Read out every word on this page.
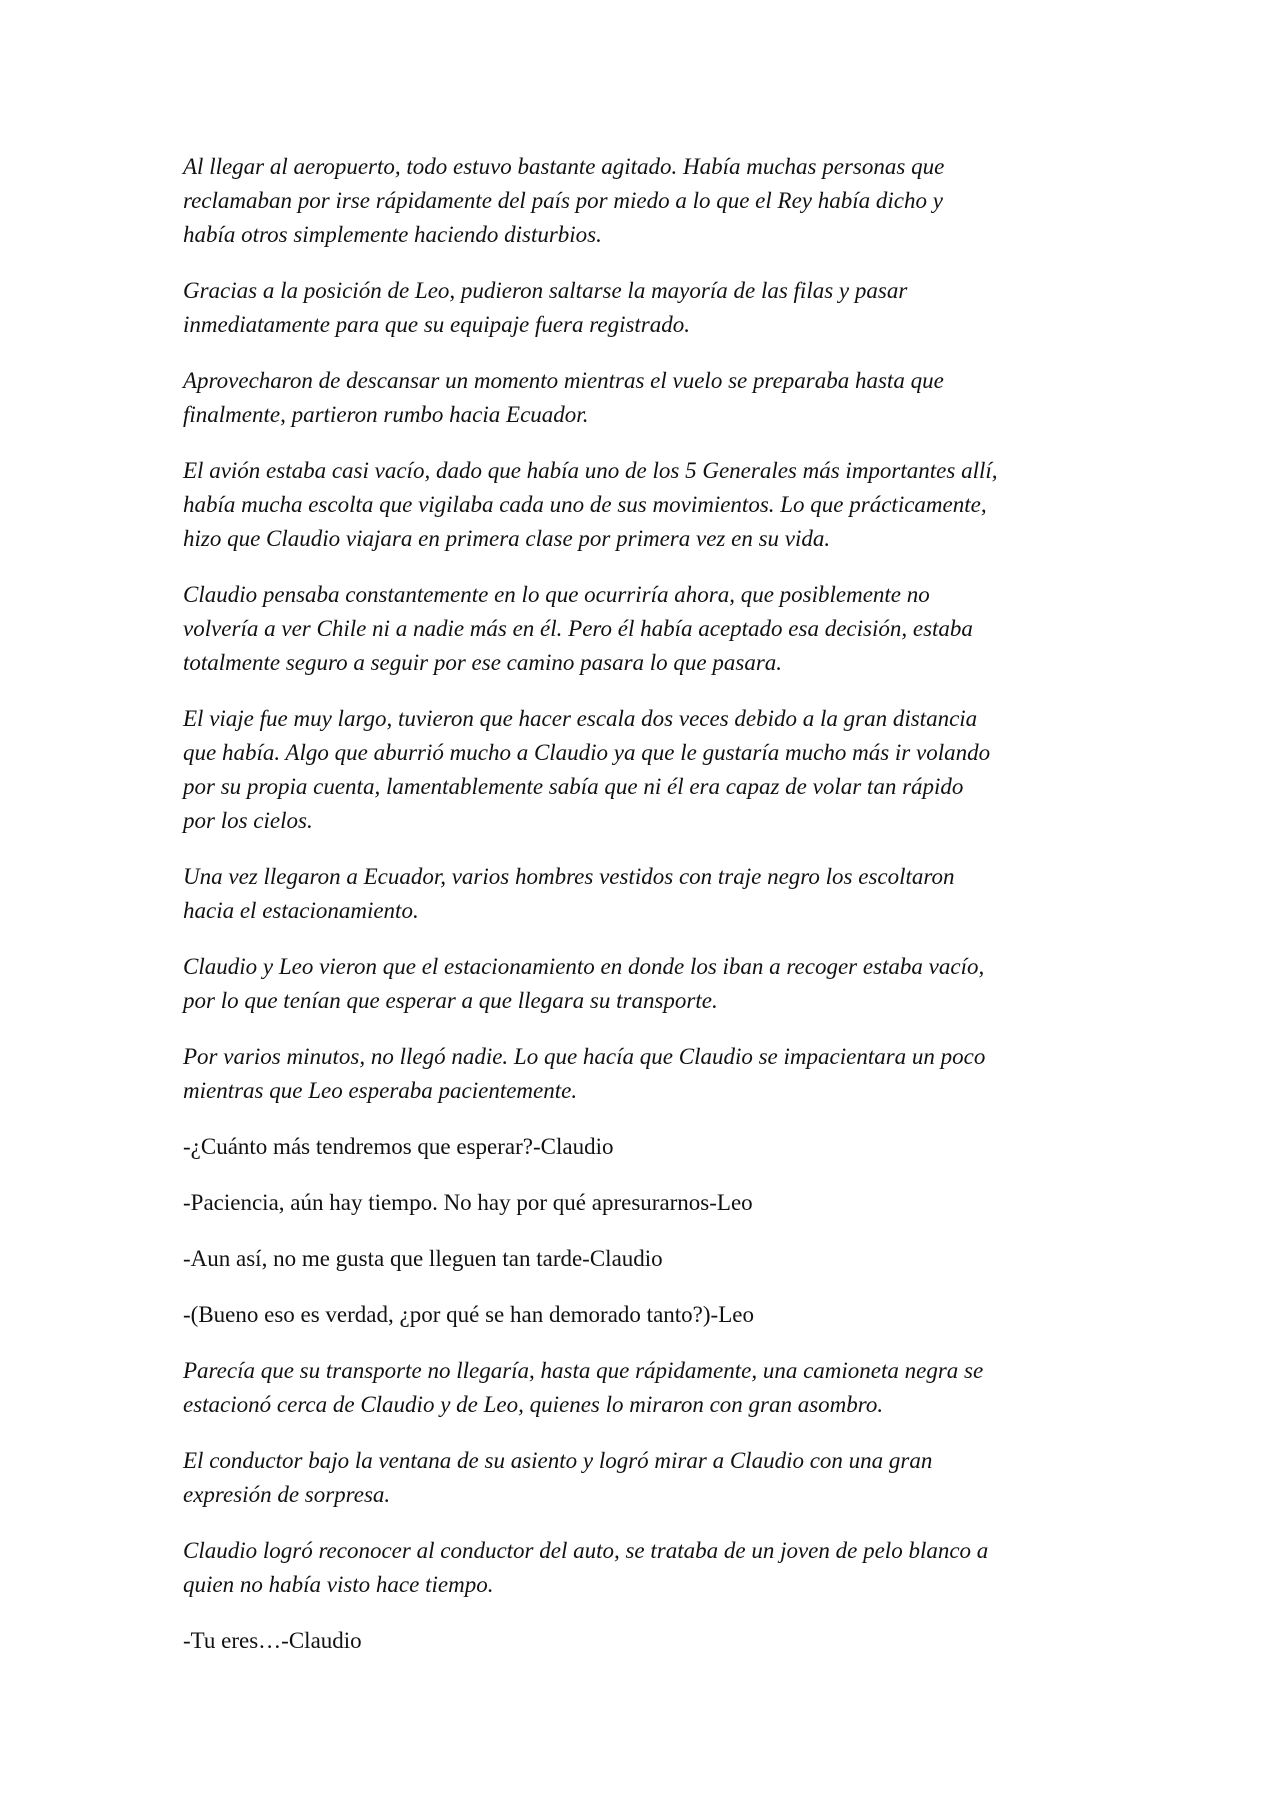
Al llegar al aeropuerto, todo estuvo bastante agitado. Había muchas personas que
reclamaban por irse rápidamente del país por miedo a lo que el Rey había dicho y
había otros simplemente haciendo disturbios.

Gracias a la posición de Leo, pudieron saltarse la mayoría de las filas y pasar
inmediatamente para que su equipaje fuera registrado.

Aprovecharon de descansar un momento mientras el vuelo se preparaba hasta que
finalmente, partieron rumbo hacia Ecuador.

El avión estaba casi vacío, dado que había uno de los 5 Generales más importantes allí,
había mucha escolta que vigilaba cada uno de sus movimientos. Lo que prácticamente,
hizo que Claudio viajara en primera clase por primera vez en su vida.

Claudio pensaba constantemente en lo que ocurriría ahora, que posiblemente no
volvería a ver Chile ni a nadie más en él. Pero él había aceptado esa decisión, estaba
totalmente seguro a seguir por ese camino pasara lo que pasara.

El viaje fue muy largo, tuvieron que hacer escala dos veces debido a la gran distancia
que había. Algo que aburrió mucho a Claudio ya que le gustaría mucho más ir volando
por su propia cuenta, lamentablemente sabía que ni él era capaz de volar tan rápido
por los cielos.

Una vez llegaron a Ecuador, varios hombres vestidos con traje negro los escoltaron
hacia el estacionamiento.

Claudio y Leo vieron que el estacionamiento en donde los iban a recoger estaba vacío,
por lo que tenían que esperar a que llegara su transporte.

Por varios minutos, no llegó nadie. Lo que hacía que Claudio se impacientara un poco
mientras que Leo esperaba pacientemente.

-¿Cuánto más tendremos que esperar?-Claudio

-Paciencia, aún hay tiempo. No hay por qué apresurarnos-Leo

-Aun así, no me gusta que lleguen tan tarde-Claudio

-(Bueno eso es verdad, ¿por qué se han demorado tanto?)-Leo

Parecía que su transporte no llegaría, hasta que rápidamente, una camioneta negra se
estacionó cerca de Claudio y de Leo, quienes lo miraron con gran asombro.

El conductor bajo la ventana de su asiento y logró mirar a Claudio con una gran
expresión de sorpresa.

Claudio logró reconocer al conductor del auto, se trataba de un joven de pelo blanco a
quien no había visto hace tiempo.

-Tu eres…-Claudio
